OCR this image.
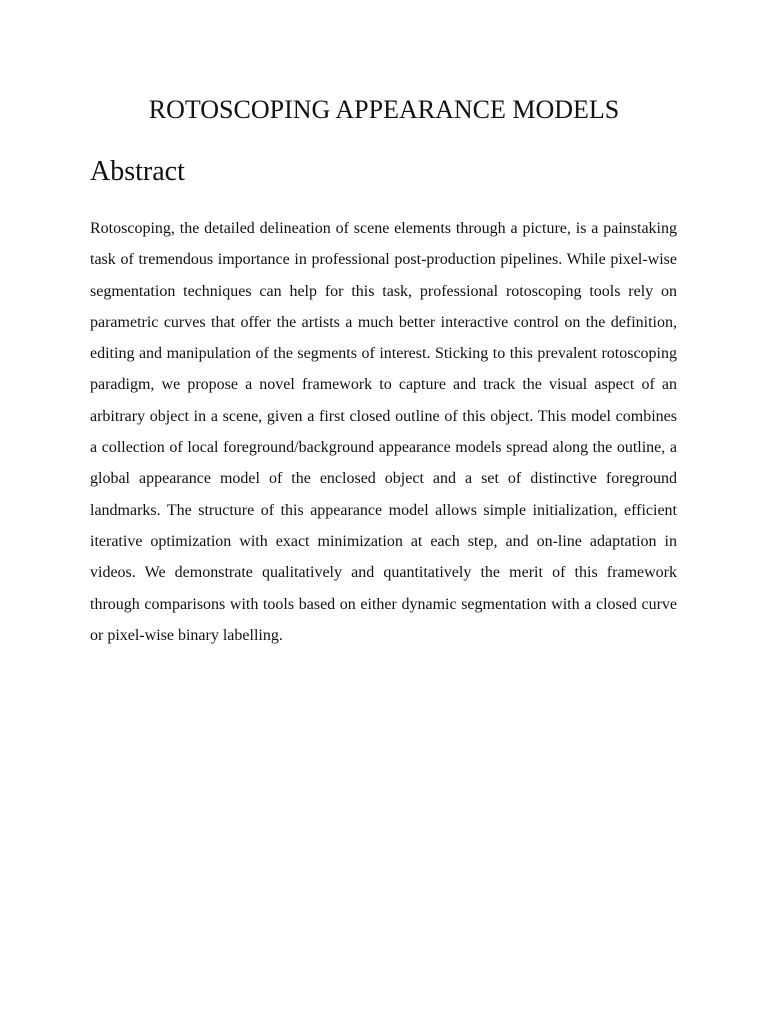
ROTOSCOPING APPEARANCE MODELS
Abstract

Rotoscoping, the detailed delineation of scene elements through a picture, is a painstaking task of tremendous importance in professional post-production pipelines. While pixel-wise segmentation techniques can help for this task, professional rotoscoping tools rely on parametric curves that offer the artists a much better interactive control on the definition, editing and manipulation of the segments of interest. Sticking to this prevalent rotoscoping paradigm, we propose a novel framework to capture and track the visual aspect of an arbitrary object in a scene, given a first closed outline of this object. This model combines a collection of local foreground/background appearance models spread along the outline, a global appearance model of the enclosed object and a set of distinctive foreground landmarks. The structure of this appearance model allows simple initialization, efficient iterative optimization with exact minimization at each step, and on-line adaptation in videos. We demonstrate qualitatively and quantitatively the merit of this framework through comparisons with tools based on either dynamic segmentation with a closed curve or pixel-wise binary labelling.
